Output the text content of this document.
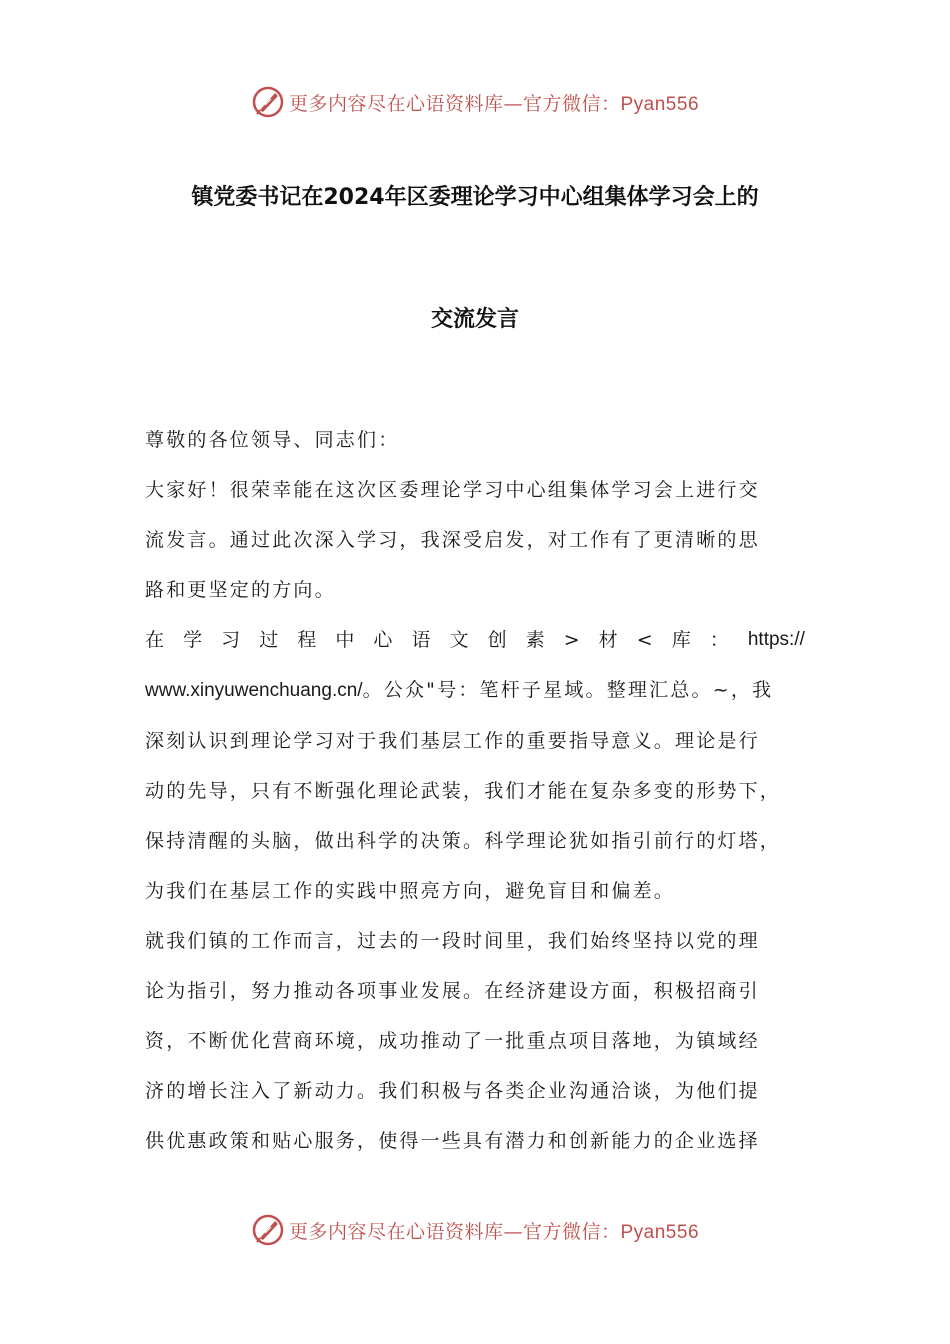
更多内容尽在心语资料库—官方微信：Pyan556
镇党委书记在2024年区委理论学习中心组集体学习会上的
交流发言

尊敬的各位领导、同志们：

大家好！很荣幸能在这次区委理论学习中心组集体学习会上进行交

流发言。通过此次深入学习，我深受启发，对工作有了更清晰的思

路和更坚定的方向。

在 学 习 过 程 中 心 语 文 创 素 > 材 < 库 ： https://

www.xinyuwenchuang.cn/。公众"号：笔杆子星域。整理汇总。~，我

深刻认识到理论学习对于我们基层工作的重要指导意义。理论是行

动的先导，只有不断强化理论武装，我们才能在复杂多变的形势下，

保持清醒的头脑，做出科学的决策。科学理论犹如指引前行的灯塔，

为我们在基层工作的实践中照亮方向，避免盲目和偏差。

就我们镇的工作而言，过去的一段时间里，我们始终坚持以党的理

论为指引，努力推动各项事业发展。在经济建设方面，积极招商引

资，不断优化营商环境，成功推动了一批重点项目落地，为镇域经

济的增长注入了新动力。我们积极与各类企业沟通洽谈，为他们提

供优惠政策和贴心服务，使得一些具有潜力和创新能力的企业选择

更多内容尽在心语资料库—官方微信：Pyan556
